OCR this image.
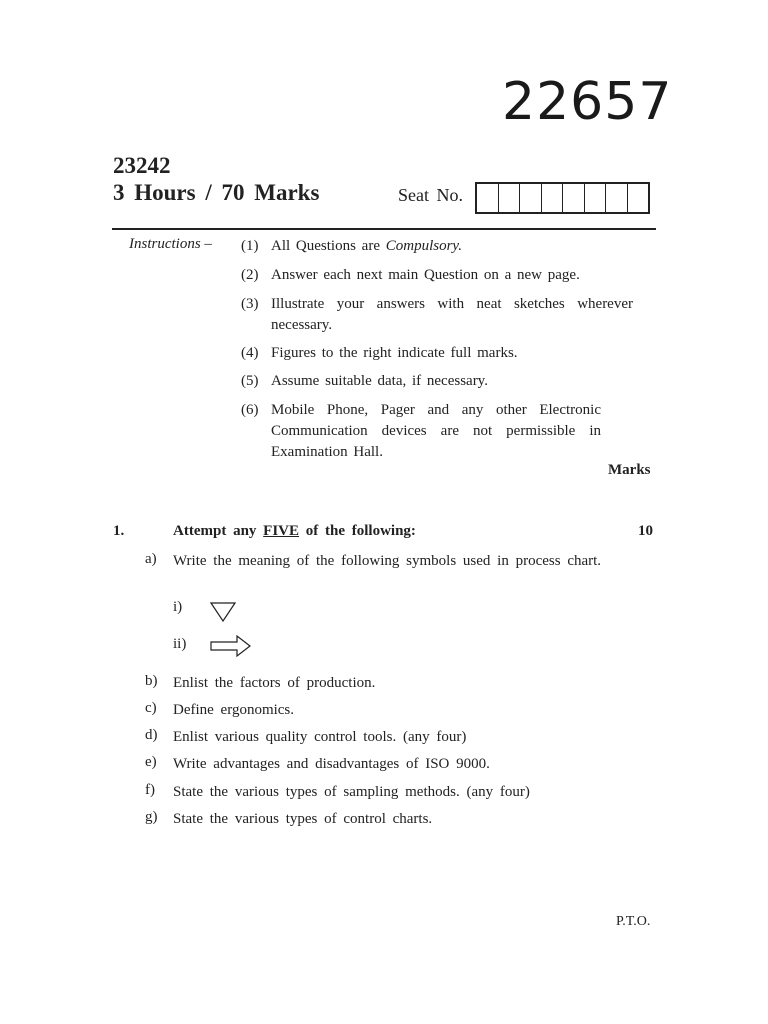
22657
23242
3 Hours / 70 Marks	Seat No.
Instructions – (1) All Questions are Compulsory.
(2) Answer each next main Question on a new page.
(3) Illustrate your answers with neat sketches wherever necessary.
(4) Figures to the right indicate full marks.
(5) Assume suitable data, if necessary.
(6) Mobile Phone, Pager and any other Electronic Communication devices are not permissible in Examination Hall.
Marks
1.	Attempt any FIVE of the following:	10
a) Write the meaning of the following symbols used in process chart.
i)
ii)
b) Enlist the factors of production.
c) Define ergonomics.
d) Enlist various quality control tools. (any four)
e) Write advantages and disadvantages of ISO 9000.
f) State the various types of sampling methods. (any four)
g) State the various types of control charts.
P.T.O.
